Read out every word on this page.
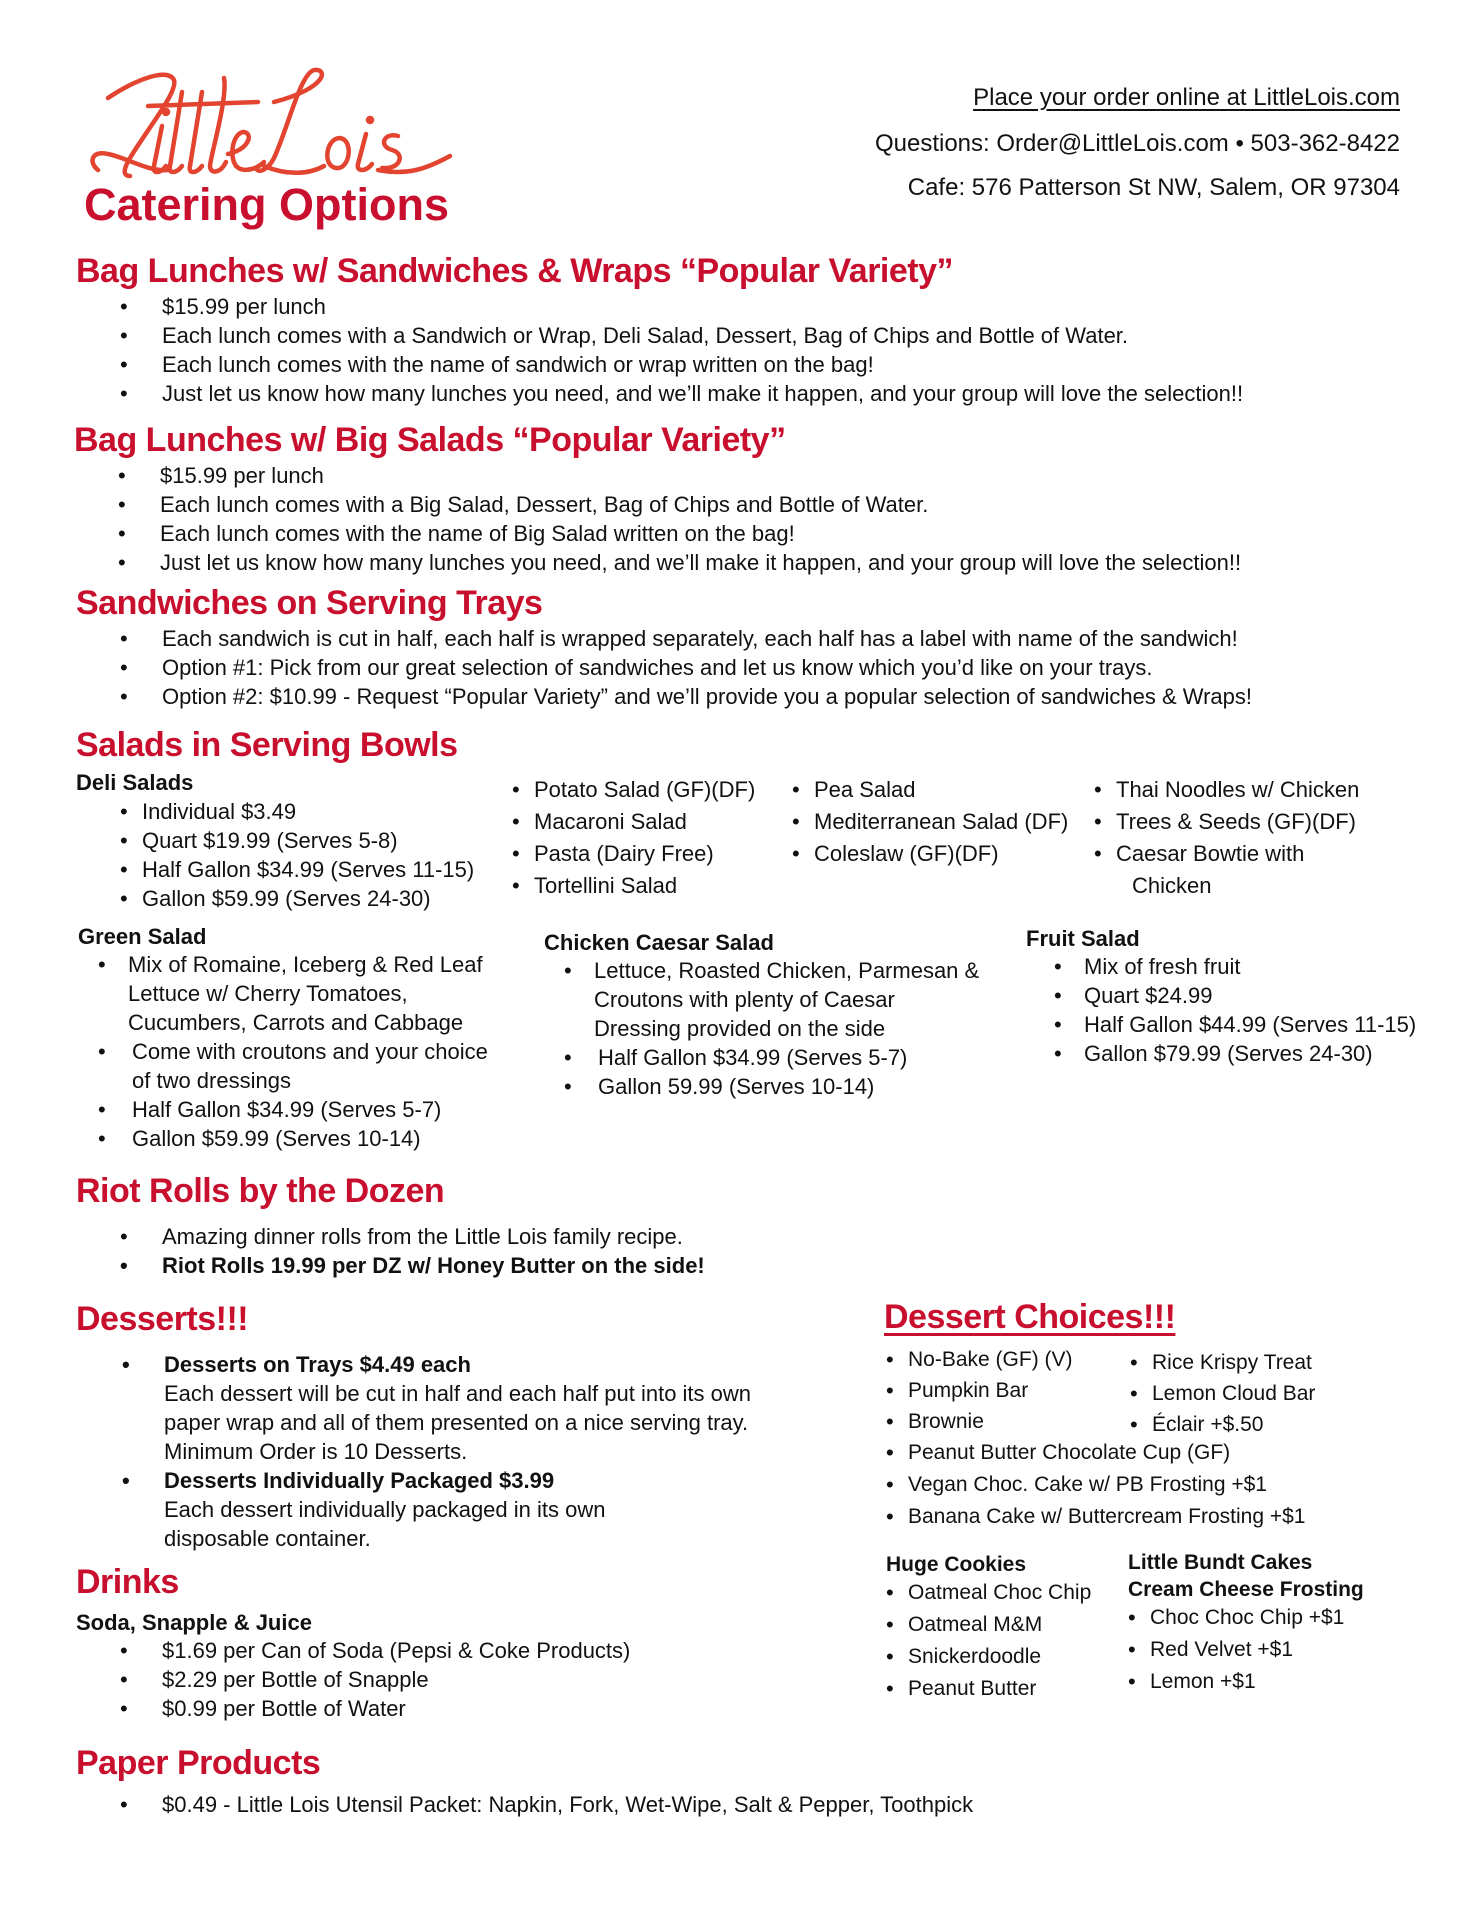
Catering Options
Place your order online at LittleLois.com
Questions: Order@LittleLois.com • 503-362-8422
Cafe: 576 Patterson St NW, Salem, OR 97304
Bag Lunches w/ Sandwiches & Wraps “Popular Variety”
• $15.99 per lunch
• Each lunch comes with a Sandwich or Wrap, Deli Salad, Dessert, Bag of Chips and Bottle of Water.
• Each lunch comes with the name of sandwich or wrap written on the bag!
• Just let us know how many lunches you need, and we’ll make it happen, and your group will love the selection!!
Bag Lunches w/ Big Salads “Popular Variety”
• $15.99 per lunch
• Each lunch comes with a Big Salad, Dessert, Bag of Chips and Bottle of Water.
• Each lunch comes with the name of Big Salad written on the bag!
• Just let us know how many lunches you need, and we’ll make it happen, and your group will love the selection!!
Sandwiches on Serving Trays
• Each sandwich is cut in half, each half is wrapped separately, each half has a label with name of the sandwich!
• Option #1: Pick from our great selection of sandwiches and let us know which you’d like on your trays.
• Option #2: $10.99 - Request “Popular Variety” and we’ll provide you a popular selection of sandwiches & Wraps!
Salads in Serving Bowls
Deli Salads
• Individual $3.49
• Quart $19.99 (Serves 5-8)
• Half Gallon $34.99 (Serves 11-15)
• Gallon $59.99 (Serves 24-30)
• Potato Salad (GF)(DF)
• Macaroni Salad
• Pasta (Dairy Free)
• Tortellini Salad
• Pea Salad
• Mediterranean Salad (DF)
• Coleslaw (GF)(DF)
• Thai Noodles w/ Chicken
• Trees & Seeds (GF)(DF)
• Caesar Bowtie with
Chicken
Green Salad
• Mix of Romaine, Iceberg & Red Leaf
Lettuce w/ Cherry Tomatoes,
Cucumbers, Carrots and Cabbage
• Come with croutons and your choice
of two dressings
• Half Gallon $34.99 (Serves 5-7)
• Gallon $59.99 (Serves 10-14)
Chicken Caesar Salad
• Lettuce, Roasted Chicken, Parmesan &
Croutons with plenty of Caesar
Dressing provided on the side
• Half Gallon $34.99 (Serves 5-7)
• Gallon 59.99 (Serves 10-14)
Fruit Salad
• Mix of fresh fruit
• Quart $24.99
• Half Gallon $44.99 (Serves 11-15)
• Gallon $79.99 (Serves 24-30)
Riot Rolls by the Dozen
• Amazing dinner rolls from the Little Lois family recipe.
• Riot Rolls 19.99 per DZ w/ Honey Butter on the side!
Desserts!!!
• Desserts on Trays $4.49 each
Each dessert will be cut in half and each half put into its own
paper wrap and all of them presented on a nice serving tray.
Minimum Order is 10 Desserts.
• Desserts Individually Packaged $3.99
Each dessert individually packaged in its own
disposable container.
Dessert Choices!!!
• No-Bake (GF) (V)
• Pumpkin Bar
• Brownie
• Peanut Butter Chocolate Cup (GF)
• Vegan Choc. Cake w/ PB Frosting +$1
• Banana Cake w/ Buttercream Frosting +$1
• Rice Krispy Treat
• Lemon Cloud Bar
• Éclair +$.50
Huge Cookies
• Oatmeal Choc Chip
• Oatmeal M&M
• Snickerdoodle
• Peanut Butter
Little Bundt Cakes
Cream Cheese Frosting
• Choc Choc Chip +$1
• Red Velvet +$1
• Lemon +$1
Drinks
Soda, Snapple & Juice
• $1.69 per Can of Soda (Pepsi & Coke Products)
• $2.29 per Bottle of Snapple
• $0.99 per Bottle of Water
Paper Products
• $0.49 - Little Lois Utensil Packet: Napkin, Fork, Wet-Wipe, Salt & Pepper, Toothpick
